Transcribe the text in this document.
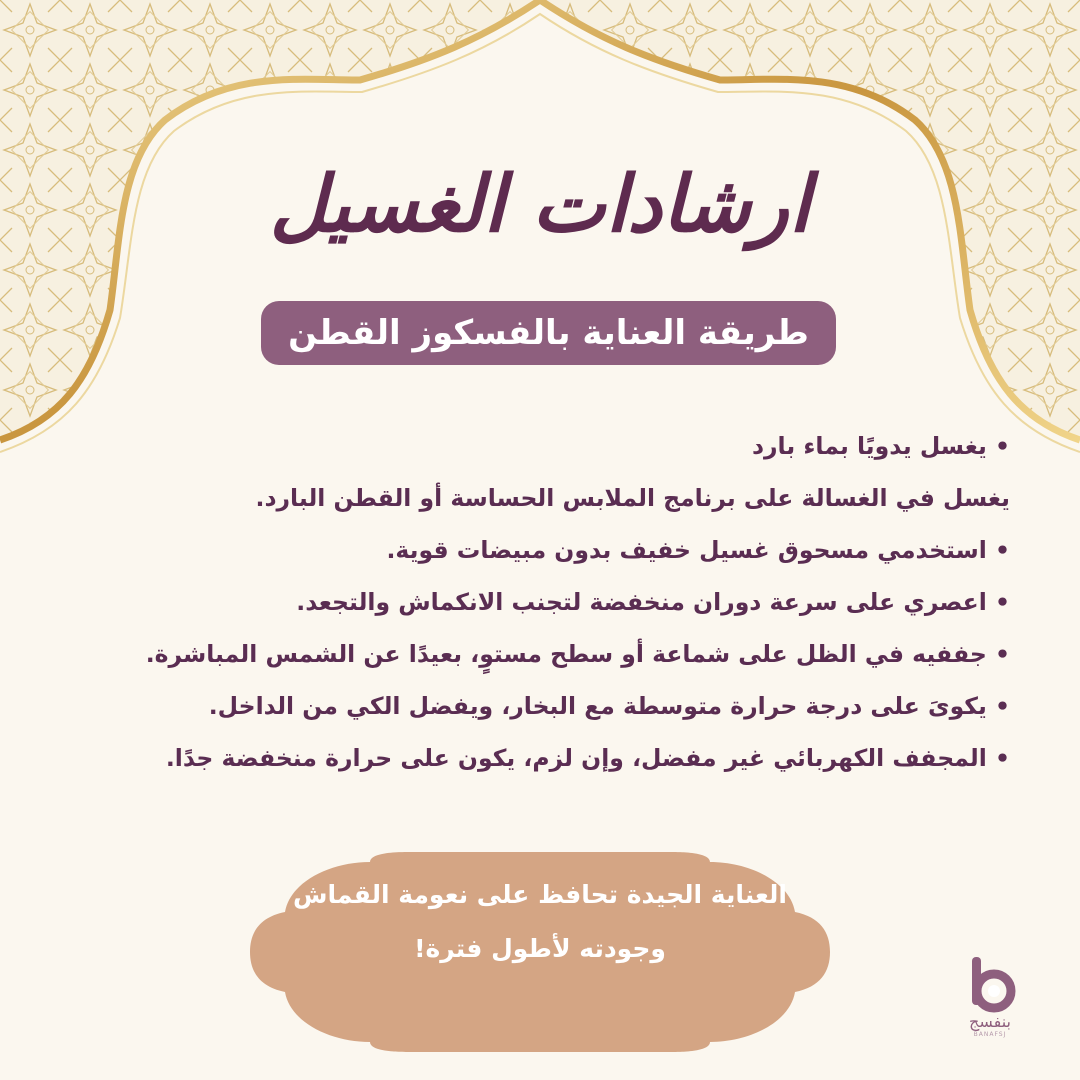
ارشادات الغسيل
طريقة العناية بالفسكوز القطن
• يغسل يدويًا بماء بارد
يغسل في الغسالة على برنامج الملابس الحساسة أو القطن البارد.
• استخدمي مسحوق غسيل خفيف بدون مبيضات قوية.
• اعصري على سرعة دوران منخفضة لتجنب الانكماش والتجعد.
• جففيه في الظل على شماعة أو سطح مستوٍ، بعيدًا عن الشمس المباشرة.
• يكوىَ على درجة حرارة متوسطة مع البخار، ويفضل الكي من الداخل.
• المجفف الكهربائي غير مفضل، وإن لزم، يكون على حرارة منخفضة جدًا.
العناية الجيدة تحافظ على نعومة القماش وجودته لأطول فترة!
بنفسج
BANAFSJ
